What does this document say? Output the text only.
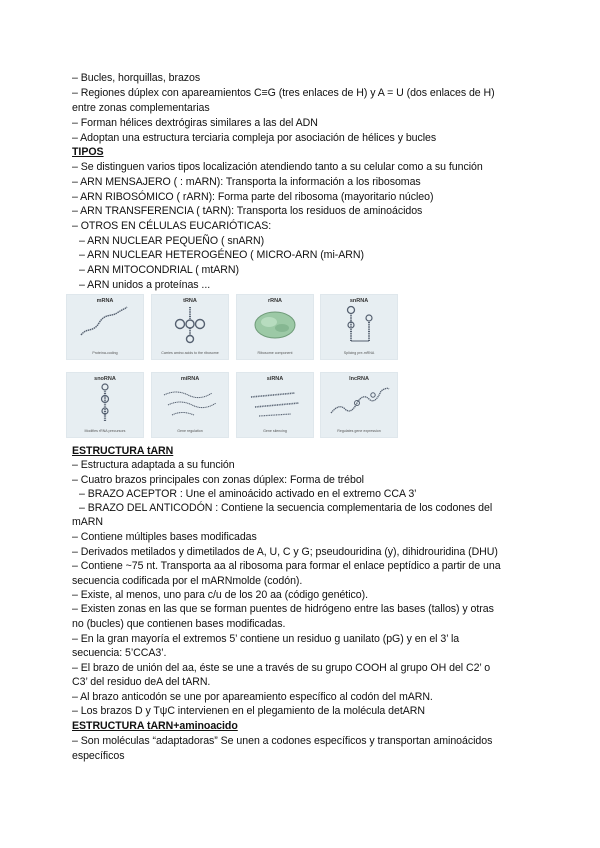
– Bucles, horquillas, brazos
– Regiones dúplex con apareamientos C≡G (tres enlaces de H) y A = U (dos enlaces de H)
entre zonas complementarias
– Forman hélices dextrógiras similares a las del ADN
– Adoptan una estructura terciaria compleja por asociación de hélices y bucles
TIPOS
– Se distinguen varios tipos localización atendiendo tanto a su celular como a su función
– ARN MENSAJERO ( : mARN): Transporta la información a los ribosomas
– ARN RIBOSÓMICO ( rARN): Forma parte del ribosoma (mayoritario núcleo)
– ARN TRANSFERENCIA ( tARN): Transporta los residuos de aminoácidos
– OTROS EN CÉLULAS EUCARIÓTICAS:
– ARN NUCLEAR PEQUEÑO ( snARN)
– ARN NUCLEAR HETEROGÉNEO ( MICRO-ARN (mi-ARN)
– ARN MITOCONDRIAL ( mtARN)
– ARN unidos a proteínas ...
mRNA
Proteína-coding
tRNA
Carries amino acids to the ribosome
rRNA
Ribosome component
snRNA
Splicing pre-mRNA
snoRNA
Modifies rRNA precursors
miRNA
Gene regulation
siRNA
Gene silencing
lncRNA
Regulates gene expression
ESTRUCTURA tARN
– Estructura adaptada a su función
– Cuatro brazos principales con zonas dúplex: Forma de trébol
– BRAZO ACEPTOR : Une el aminoácido activado en el extremo CCA 3’
– BRAZO DEL ANTICODÓN : Contiene la secuencia complementaria de los codones del
mARN
– Contiene múltiples bases modificadas
– Derivados metilados y dimetilados de A, U, C y G; pseudouridina (y), dihidrouridina (DHU)
– Contiene ~75 nt. Transporta aa al ribosoma para formar el enlace peptídico a partir de una
secuencia codificada por el mARNmolde (codón).
– Existe, al menos, uno para c/u de los 20 aa (código genético).
– Existen zonas en las que se forman puentes de hidrógeno entre las bases (tallos) y otras
no (bucles) que contienen bases modificadas.
– En la gran mayoría el extremos 5’ contiene un residuo g uanilato (pG) y en el 3’ la
secuencia: 5’CCA3’.
– El brazo de unión del aa, éste se une a través de su grupo COOH al grupo OH del C2’ o
C3’ del residuo deA del tARN.
– Al brazo anticodón se une por apareamiento específico al codón del mARN.
– Los brazos D y TψC intervienen en el plegamiento de la molécula detARN
ESTRUCTURA tARN+aminoacido
– Son moléculas “adaptadoras” Se unen a codones específicos y transportan aminoácidos
específicos
